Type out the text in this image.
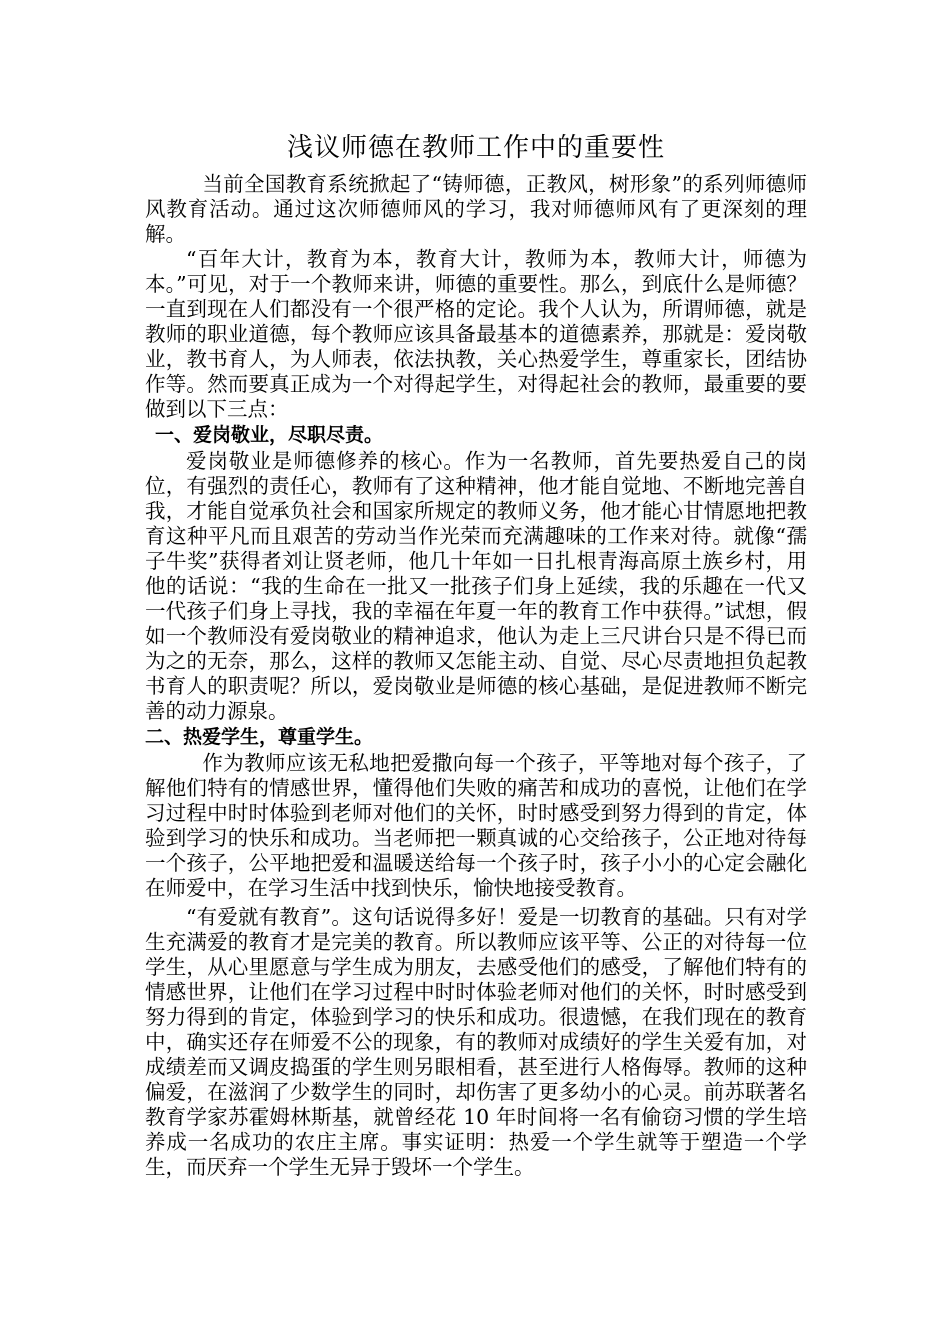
浅议师德在教师工作中的重要性

当前全国教育系统掀起了“铸师德，正教风，树形象”的系列师德师风教育活动。通过这次师德师风的学习，我对师德师风有了更深刻的理解。

“百年大计，教育为本，教育大计，教师为本，教师大计，师德为本。”可见，对于一个教师来讲，师德的重要性。那么，到底什么是师德？一直到现在人们都没有一个很严格的定论。我个人认为，所谓师德，就是教师的职业道德，每个教师应该具备最基本的道德素养，那就是：爱岗敬业，教书育人，为人师表，依法执教，关心热爱学生，尊重家长，团结协作等。然而要真正成为一个对得起学生，对得起社会的教师，最重要的要做到以下三点：

一、爱岗敬业，尽职尽责。

爱岗敬业是师德修养的核心。作为一名教师，首先要热爱自己的岗位，有强烈的责任心，教师有了这种精神，他才能自觉地、不断地完善自我，才能自觉承负社会和国家所规定的教师义务，他才能心甘情愿地把教育这种平凡而且艰苦的劳动当作光荣而充满趣味的工作来对待。就像“孺子牛奖”获得者刘让贤老师，他几十年如一日扎根青海高原土族乡村，用他的话说：“我的生命在一批又一批孩子们身上延续，我的乐趣在一代又一代孩子们身上寻找，我的幸福在年夏一年的教育工作中获得。”试想，假如一个教师没有爱岗敬业的精神追求，他认为走上三尺讲台只是不得已而为之的无奈，那么，这样的教师又怎能主动、自觉、尽心尽责地担负起教书育人的职责呢？所以，爱岗敬业是师德的核心基础，是促进教师不断完善的动力源泉。

二、热爱学生，尊重学生。

作为教师应该无私地把爱撒向每一个孩子，平等地对每个孩子，了解他们特有的情感世界，懂得他们失败的痛苦和成功的喜悦，让他们在学习过程中时时体验到老师对他们的关怀，时时感受到努力得到的肯定，体验到学习的快乐和成功。当老师把一颗真诚的心交给孩子，公正地对待每一个孩子，公平地把爱和温暖送给每一个孩子时，孩子小小的心定会融化在师爱中，在学习生活中找到快乐，愉快地接受教育。

“有爱就有教育”。这句话说得多好！爱是一切教育的基础。只有对学生充满爱的教育才是完美的教育。所以教师应该平等、公正的对待每一位学生，从心里愿意与学生成为朋友，去感受他们的感受，了解他们特有的情感世界，让他们在学习过程中时时体验老师对他们的关怀，时时感受到努力得到的肯定，体验到学习的快乐和成功。很遗憾，在我们现在的教育中，确实还存在师爱不公的现象，有的教师对成绩好的学生关爱有加，对成绩差而又调皮捣蛋的学生则另眼相看，甚至进行人格侮辱。教师的这种偏爱，在滋润了少数学生的同时，却伤害了更多幼小的心灵。前苏联著名教育学家苏霍姆林斯基，就曾经花 10 年时间将一名有偷窃习惯的学生培养成一名成功的农庄主席。事实证明：热爱一个学生就等于塑造一个学生，而厌弃一个学生无异于毁坏一个学生。
